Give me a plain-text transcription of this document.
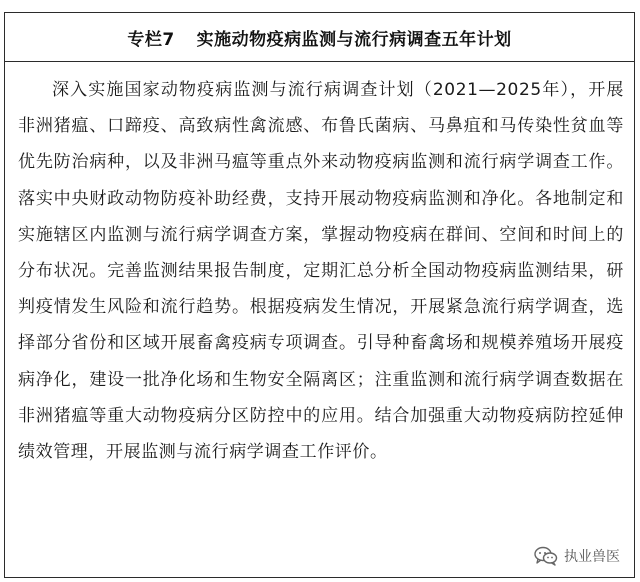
专栏7 实施动物疫病监测与流行病调查五年计划
深入实施国家动物疫病监测与流行病调查计划（2021—2025年），开展非洲猪瘟、口蹄疫、高致病性禽流感、布鲁氏菌病、马鼻疽和马传染性贫血等优先防治病种，以及非洲马瘟等重点外来动物疫病监测和流行病学调查工作。落实中央财政动物防疫补助经费，支持开展动物疫病监测和净化。各地制定和实施辖区内监测与流行病学调查方案，掌握动物疫病在群间、空间和时间上的分布状况。完善监测结果报告制度，定期汇总分析全国动物疫病监测结果，研判疫情发生风险和流行趋势。根据疫病发生情况，开展紧急流行病学调查，选择部分省份和区域开展畜禽疫病专项调查。引导种畜禽场和规模养殖场开展疫病净化，建设一批净化场和生物安全隔离区；注重监测和流行病学调查数据在非洲猪瘟等重大动物疫病分区防控中的应用。结合加强重大动物疫病防控延伸绩效管理，开展监测与流行病学调查工作评价。
执业兽医
